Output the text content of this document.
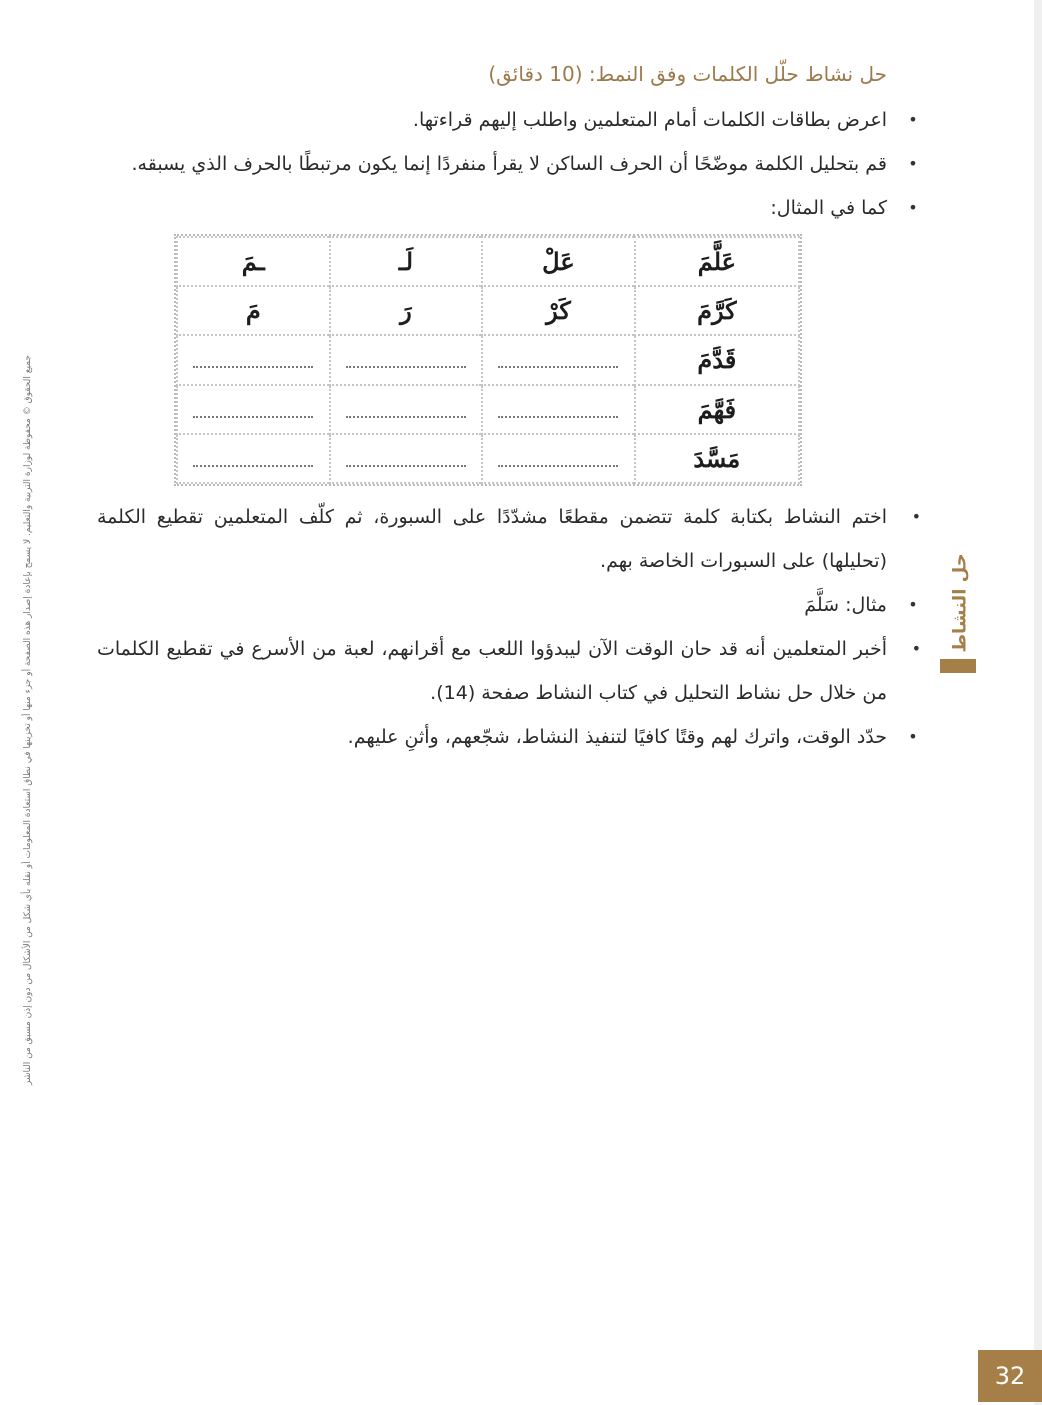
حل نشاط حلّل الكلمات وفق النمط: (10 دقائق)
•
اعرض بطاقات الكلمات أمام المتعلمين واطلب إليهم قراءتها.
•
قم بتحليل الكلمة موضّحًا أن الحرف الساكن لا يقرأ منفردًا إنما يكون مرتبطًا بالحرف الذي يسبقه.
•
كما في المثال:
•
اختم النشاط بكتابة كلمة تتضمن مقطعًا مشدّدًا على السبورة، ثم كلّف المتعلمين تقطيع الكلمة (تحليلها) على السبورات الخاصة بهم.
•
مثال: سَلَّمَ
•
أخبر المتعلمين أنه قد حان الوقت الآن ليبدؤوا اللعب مع أقرانهم، لعبة من الأسرع في تقطيع الكلمات من خلال حل نشاط التحليل في كتاب النشاط صفحة (14).
•
حدّد الوقت، واترك لهم وقتًا كافيًا لتنفيذ النشاط، شجّعهم، وأثنِ عليهم.
عَلَّمَ	عَلْ	لَـ	ـمَ
كَرَّمَ	كَرْ	رَ	مَ
قَدَّمَ			
فَهَّمَ			
مَسَّدَ			
حل النشاط
جميع الحقوق © محفوظة لوزارة التربية والتعليم. لا يسمح بإعادة إصدار هذه الصفحة أو جزء منها أو تخزينها في نطاق استعادة المعلومات أو نقله بأي شكل من الأشكال من دون إذن مسبق من الناشر
32
